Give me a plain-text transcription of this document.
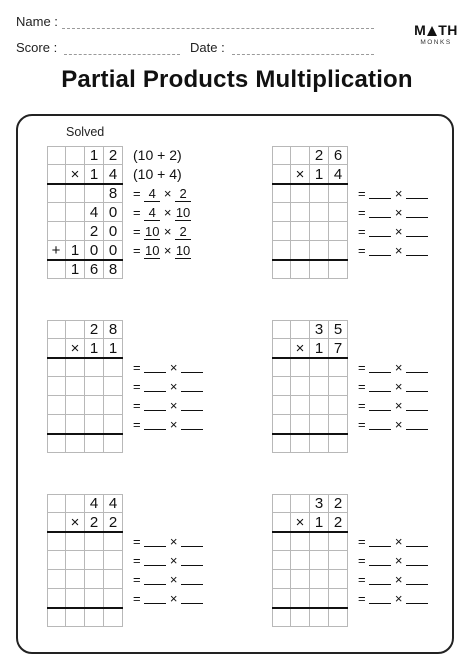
Name :
Score :	Date :
M TH
MONKS
Partial Products Multiplication
Solved
1 2
× 1 4
8
4 0
2 0
+ 1 0 0
1 6 8
(10 + 2)
(10 + 4)
= 4 × 2
= 4 × 10
= 10 × 2
= 10 × 10
2 6
× 1 4
= ×
= ×
= ×
= ×
2 8
× 1 1
= ×
= ×
= ×
= ×
3 5
× 1 7
= ×
= ×
= ×
= ×
4 4
× 2 2
= ×
= ×
= ×
= ×
3 2
× 1 2
= ×
= ×
= ×
= ×
